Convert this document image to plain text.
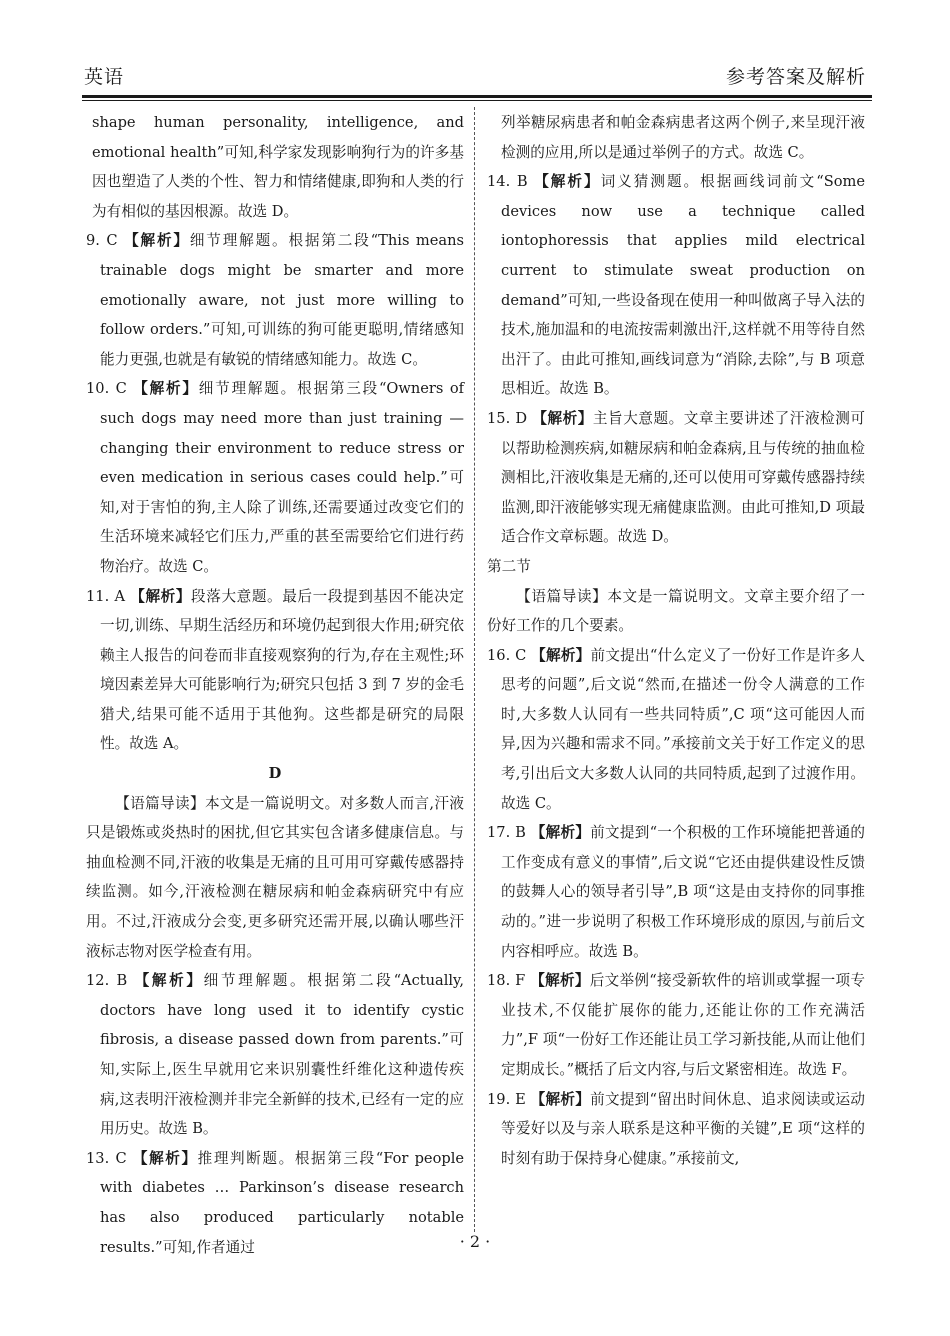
英语	参考答案及解析

shape human personality, intelligence, and emotional health”可知,科学家发现影响狗行为的许多基因也塑造了人类的个性、智力和情绪健康,即狗和人类的行为有相似的基因根源。故选 D。

9. C 【解析】细节理解题。根据第二段“This means trainable dogs might be smarter and more emotionally aware, not just more willing to follow orders.”可知,可训练的狗可能更聪明,情绪感知能力更强,也就是有敏锐的情绪感知能力。故选 C。

10. C 【解析】细节理解题。根据第三段“Owners of such dogs may need more than just training — changing their environment to reduce stress or even medication in serious cases could help.”可知,对于害怕的狗,主人除了训练,还需要通过改变它们的生活环境来减轻它们压力,严重的甚至需要给它们进行药物治疗。故选 C。

11. A 【解析】段落大意题。最后一段提到基因不能决定一切,训练、早期生活经历和环境仍起到很大作用;研究依赖主人报告的问卷而非直接观察狗的行为,存在主观性;环境因素差异大可能影响行为;研究只包括 3 到 7 岁的金毛猎犬,结果可能不适用于其他狗。这些都是研究的局限性。故选 A。

D

【语篇导读】本文是一篇说明文。对多数人而言,汗液只是锻炼或炎热时的困扰,但它其实包含诸多健康信息。与抽血检测不同,汗液的收集是无痛的且可用可穿戴传感器持续监测。如今,汗液检测在糖尿病和帕金森病研究中有应用。不过,汗液成分会变,更多研究还需开展,以确认哪些汗液标志物对医学检查有用。

12. B 【解析】细节理解题。根据第二段“Actually, doctors have long used it to identify cystic fibrosis, a disease passed down from parents.”可知,实际上,医生早就用它来识别囊性纤维化这种遗传疾病,这表明汗液检测并非完全新鲜的技术,已经有一定的应用历史。故选 B。

13. C 【解析】推理判断题。根据第三段“For people with diabetes … Parkinson’s disease research has also produced particularly notable results.”可知,作者通过

列举糖尿病患者和帕金森病患者这两个例子,来呈现汗液检测的应用,所以是通过举例子的方式。故选 C。

14. B 【解析】词义猜测题。根据画线词前文“Some devices now use a technique called iontophoressis that applies mild electrical current to stimulate sweat production on demand”可知,一些设备现在使用一种叫做离子导入法的技术,施加温和的电流按需刺激出汗,这样就不用等待自然出汗了。由此可推知,画线词意为“消除,去除”,与 B 项意思相近。故选 B。

15. D 【解析】主旨大意题。文章主要讲述了汗液检测可以帮助检测疾病,如糖尿病和帕金森病,且与传统的抽血检测相比,汗液收集是无痛的,还可以使用可穿戴传感器持续监测,即汗液能够实现无痛健康监测。由此可推知,D 项最适合作文章标题。故选 D。

第二节

【语篇导读】本文是一篇说明文。文章主要介绍了一份好工作的几个要素。

16. C 【解析】前文提出“什么定义了一份好工作是许多人思考的问题”,后文说“然而,在描述一份令人满意的工作时,大多数人认同有一些共同特质”,C 项“这可能因人而异,因为兴趣和需求不同。”承接前文关于好工作定义的思考,引出后文大多数人认同的共同特质,起到了过渡作用。故选 C。

17. B 【解析】前文提到“一个积极的工作环境能把普通的工作变成有意义的事情”,后文说“它还由提供建设性反馈的鼓舞人心的领导者引导”,B 项“这是由支持你的同事推动的。”进一步说明了积极工作环境形成的原因,与前后文内容相呼应。故选 B。

18. F 【解析】后文举例“接受新软件的培训或掌握一项专业技术,不仅能扩展你的能力,还能让你的工作充满活力”,F 项“一份好工作还能让员工学习新技能,从而让他们定期成长。”概括了后文内容,与后文紧密相连。故选 F。

19. E 【解析】前文提到“留出时间休息、追求阅读或运动等爱好以及与亲人联系是这种平衡的关键”,E 项“这样的时刻有助于保持身心健康。”承接前文,

· 2 ·
